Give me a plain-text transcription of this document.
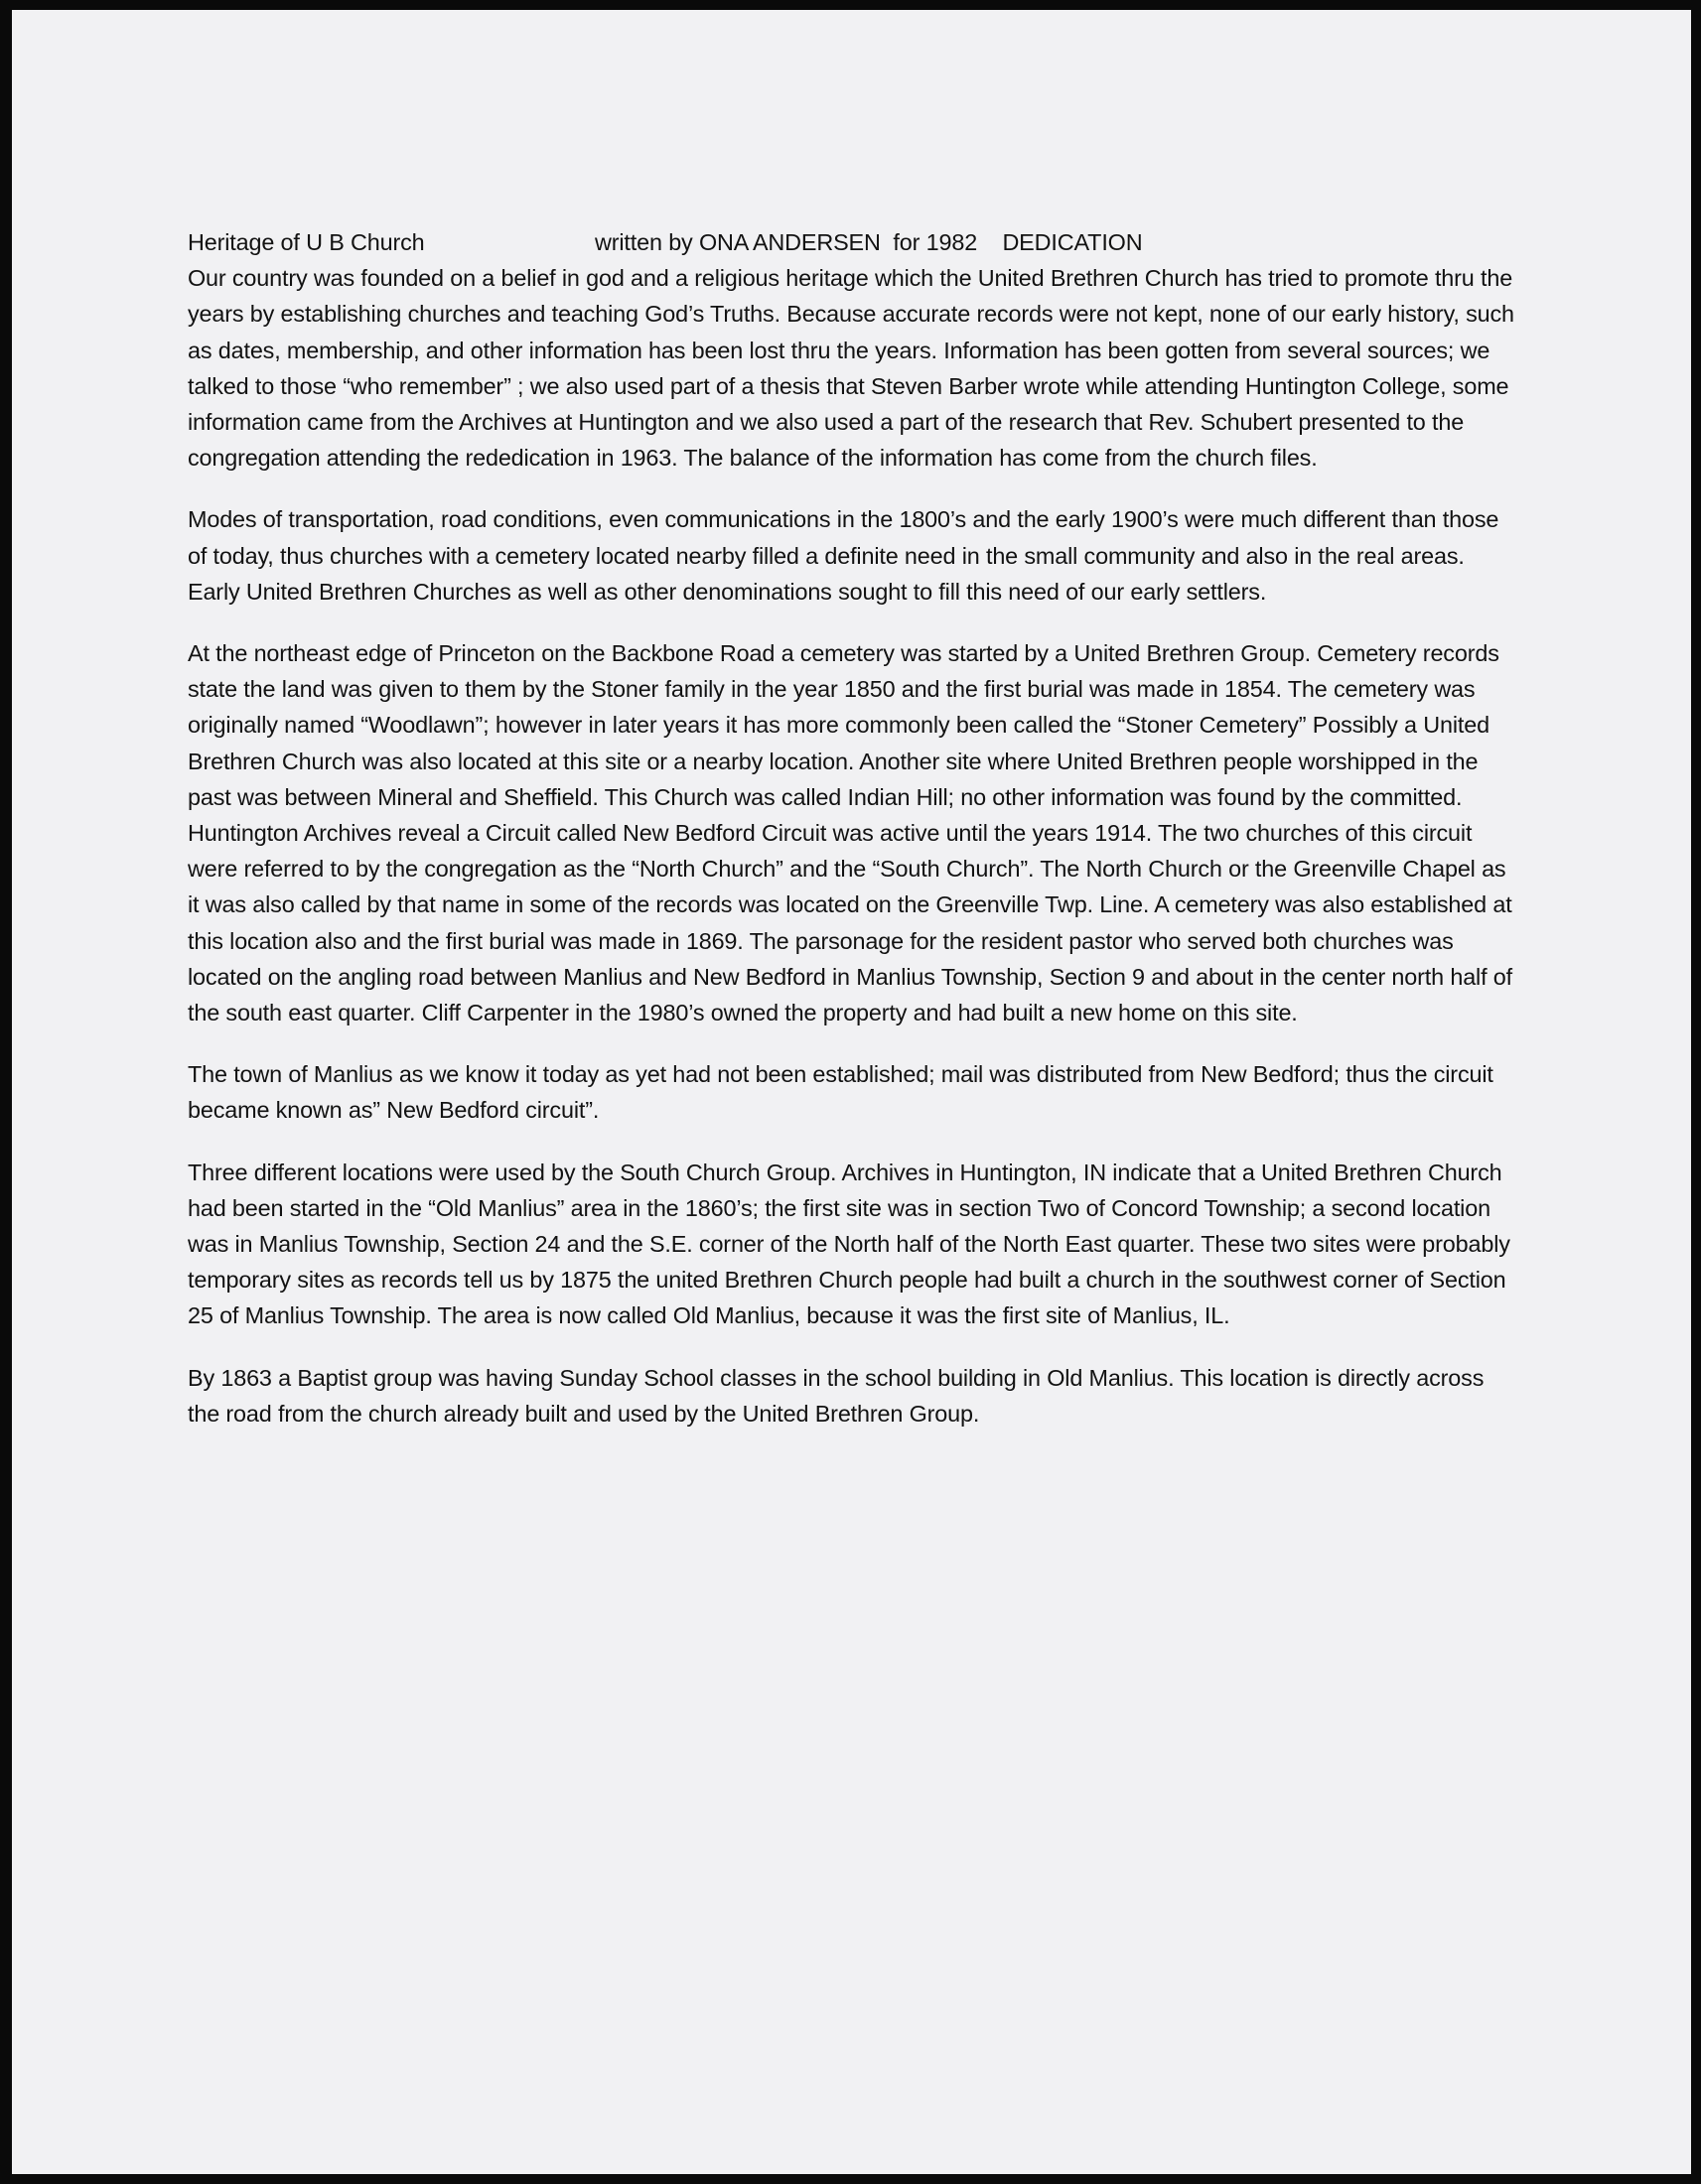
Heritage of U B Church	written by ONA ANDERSEN  for 1982    DEDICATION

Our country was founded on a belief in god and a religious heritage which the United Brethren Church has tried to promote thru the years by establishing churches and teaching God’s Truths. Because accurate records were not kept, none of our early history, such as dates, membership, and other information has been lost thru the years. Information has been gotten from several sources; we talked to those “who remember” ; we also used part of a thesis that Steven Barber wrote while attending Huntington College, some information came from the Archives at Huntington and we also used a part of the research that Rev. Schubert presented to the congregation attending the rededication in 1963. The balance of the information has come from the church files.

Modes of transportation, road conditions, even communications in the 1800’s and the early 1900’s were much different than those of today, thus churches with a cemetery located nearby filled a definite need in the small community and also in the real areas. Early United Brethren Churches as well as other denominations sought to fill this need of our early settlers.

At the northeast edge of Princeton on the Backbone Road a cemetery was started by a United Brethren Group. Cemetery records state the land was given to them by the Stoner family in the year 1850 and the first burial was made in 1854. The cemetery was originally named “Woodlawn”; however in later years it has more commonly been called the “Stoner Cemetery” Possibly a United Brethren Church was also located at this site or a nearby location. Another site where United Brethren people worshipped in the past was between Mineral and Sheffield. This Church was called Indian Hill; no other information was found by the committed. Huntington Archives reveal a Circuit called New Bedford Circuit was active until the years 1914. The two churches of this circuit were referred to by the congregation as the “North Church” and the “South Church”. The North Church or the Greenville Chapel as it was also called by that name in some of the records was located on the Greenville Twp. Line. A cemetery was also established at this location also and the first burial was made in 1869. The parsonage for the resident pastor who served both churches was located on the angling road between Manlius and New Bedford in Manlius Township, Section 9 and about in the center north half of the south east quarter. Cliff Carpenter in the 1980’s owned the property and had built a new home on this site.

The town of Manlius as we know it today as yet had not been established; mail was distributed from New Bedford; thus the circuit became known as” New Bedford circuit”.

Three different locations were used by the South Church Group. Archives in Huntington, IN indicate that a United Brethren Church had been started in the “Old Manlius” area in the 1860’s; the first site was in section Two of Concord Township; a second location was in Manlius Township, Section 24 and the S.E. corner of the North half of the North East quarter. These two sites were probably temporary sites as records tell us by 1875 the united Brethren Church people had built a church in the southwest corner of Section 25 of Manlius Township. The area is now called Old Manlius, because it was the first site of Manlius, IL.

By 1863 a Baptist group was having Sunday School classes in the school building in Old Manlius. This location is directly across the road from the church already built and used by the United Brethren Group.
